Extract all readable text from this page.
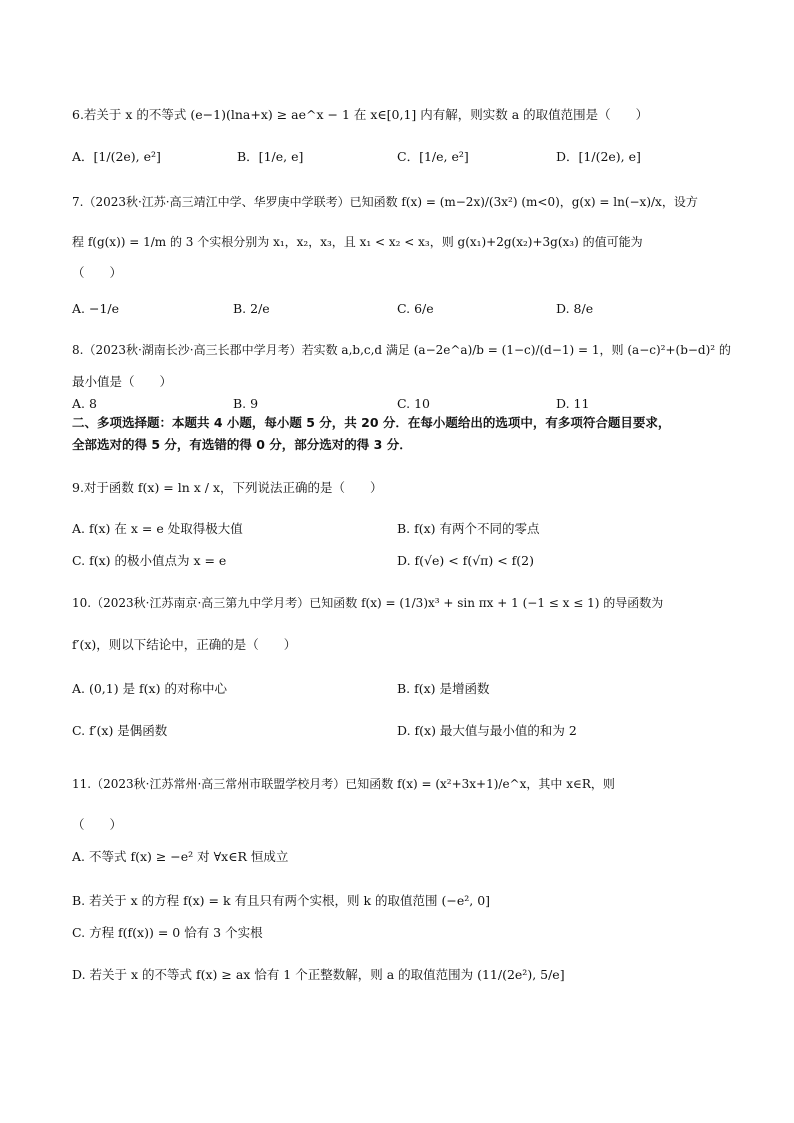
6.若关于 x 的不等式 (e−1)(lna+x) ≥ ae^x − 1 在 x∈[0,1] 内有解，则实数 a 的取值范围是（　　）
A．[1/(2e), e²]	B．[1/e, e]	C．[1/e, e²]	D．[1/(2e), e]
7.（2023秋·江苏·高三靖江中学、华罗庚中学联考）已知函数 f(x) = (m−2x)/(3x²) (m<0)，g(x) = ln(−x)/x，设方
程 f(g(x)) = 1/m 的 3 个实根分别为 x₁，x₂，x₃，且 x₁ < x₂ < x₃，则 g(x₁)+2g(x₂)+3g(x₃) 的值可能为
（　　）
A. −1/e	B. 2/e	C. 6/e	D. 8/e
8.（2023秋·湖南长沙·高三长郡中学月考）若实数 a,b,c,d 满足 (a−2e^a)/b = (1−c)/(d−1) = 1，则 (a−c)²+(b−d)² 的
最小值是（　　）
A. 8	B. 9	C. 10	D. 11
二、多项选择题：本题共 4 小题，每小题 5 分，共 20 分．在每小题给出的选项中，有多项符合题目要求，
全部选对的得 5 分，有选错的得 0 分，部分选对的得 3 分．
9.对于函数 f(x) = ln x / x，下列说法正确的是（　　）
A. f(x) 在 x = e 处取得极大值	B. f(x) 有两个不同的零点
C. f(x) 的极小值点为 x = e	D. f(√e) < f(√π) < f(2)
10.（2023秋·江苏南京·高三第九中学月考）已知函数 f(x) = (1/3)x³ + sin πx + 1 (−1 ≤ x ≤ 1) 的导函数为
f′(x)，则以下结论中，正确的是（　　）
A. (0,1) 是 f(x) 的对称中心	B. f(x) 是增函数
C. f′(x) 是偶函数	D. f(x) 最大值与最小值的和为 2
11.（2023秋·江苏常州·高三常州市联盟学校月考）已知函数 f(x) = (x²+3x+1)/e^x，其中 x∈R，则
（　　）
A. 不等式 f(x) ≥ −e² 对 ∀x∈R 恒成立
B. 若关于 x 的方程 f(x) = k 有且只有两个实根，则 k 的取值范围 (−e², 0]
C. 方程 f(f(x)) = 0 恰有 3 个实根
D. 若关于 x 的不等式 f(x) ≥ ax 恰有 1 个正整数解，则 a 的取值范围为 (11/(2e²), 5/e]
